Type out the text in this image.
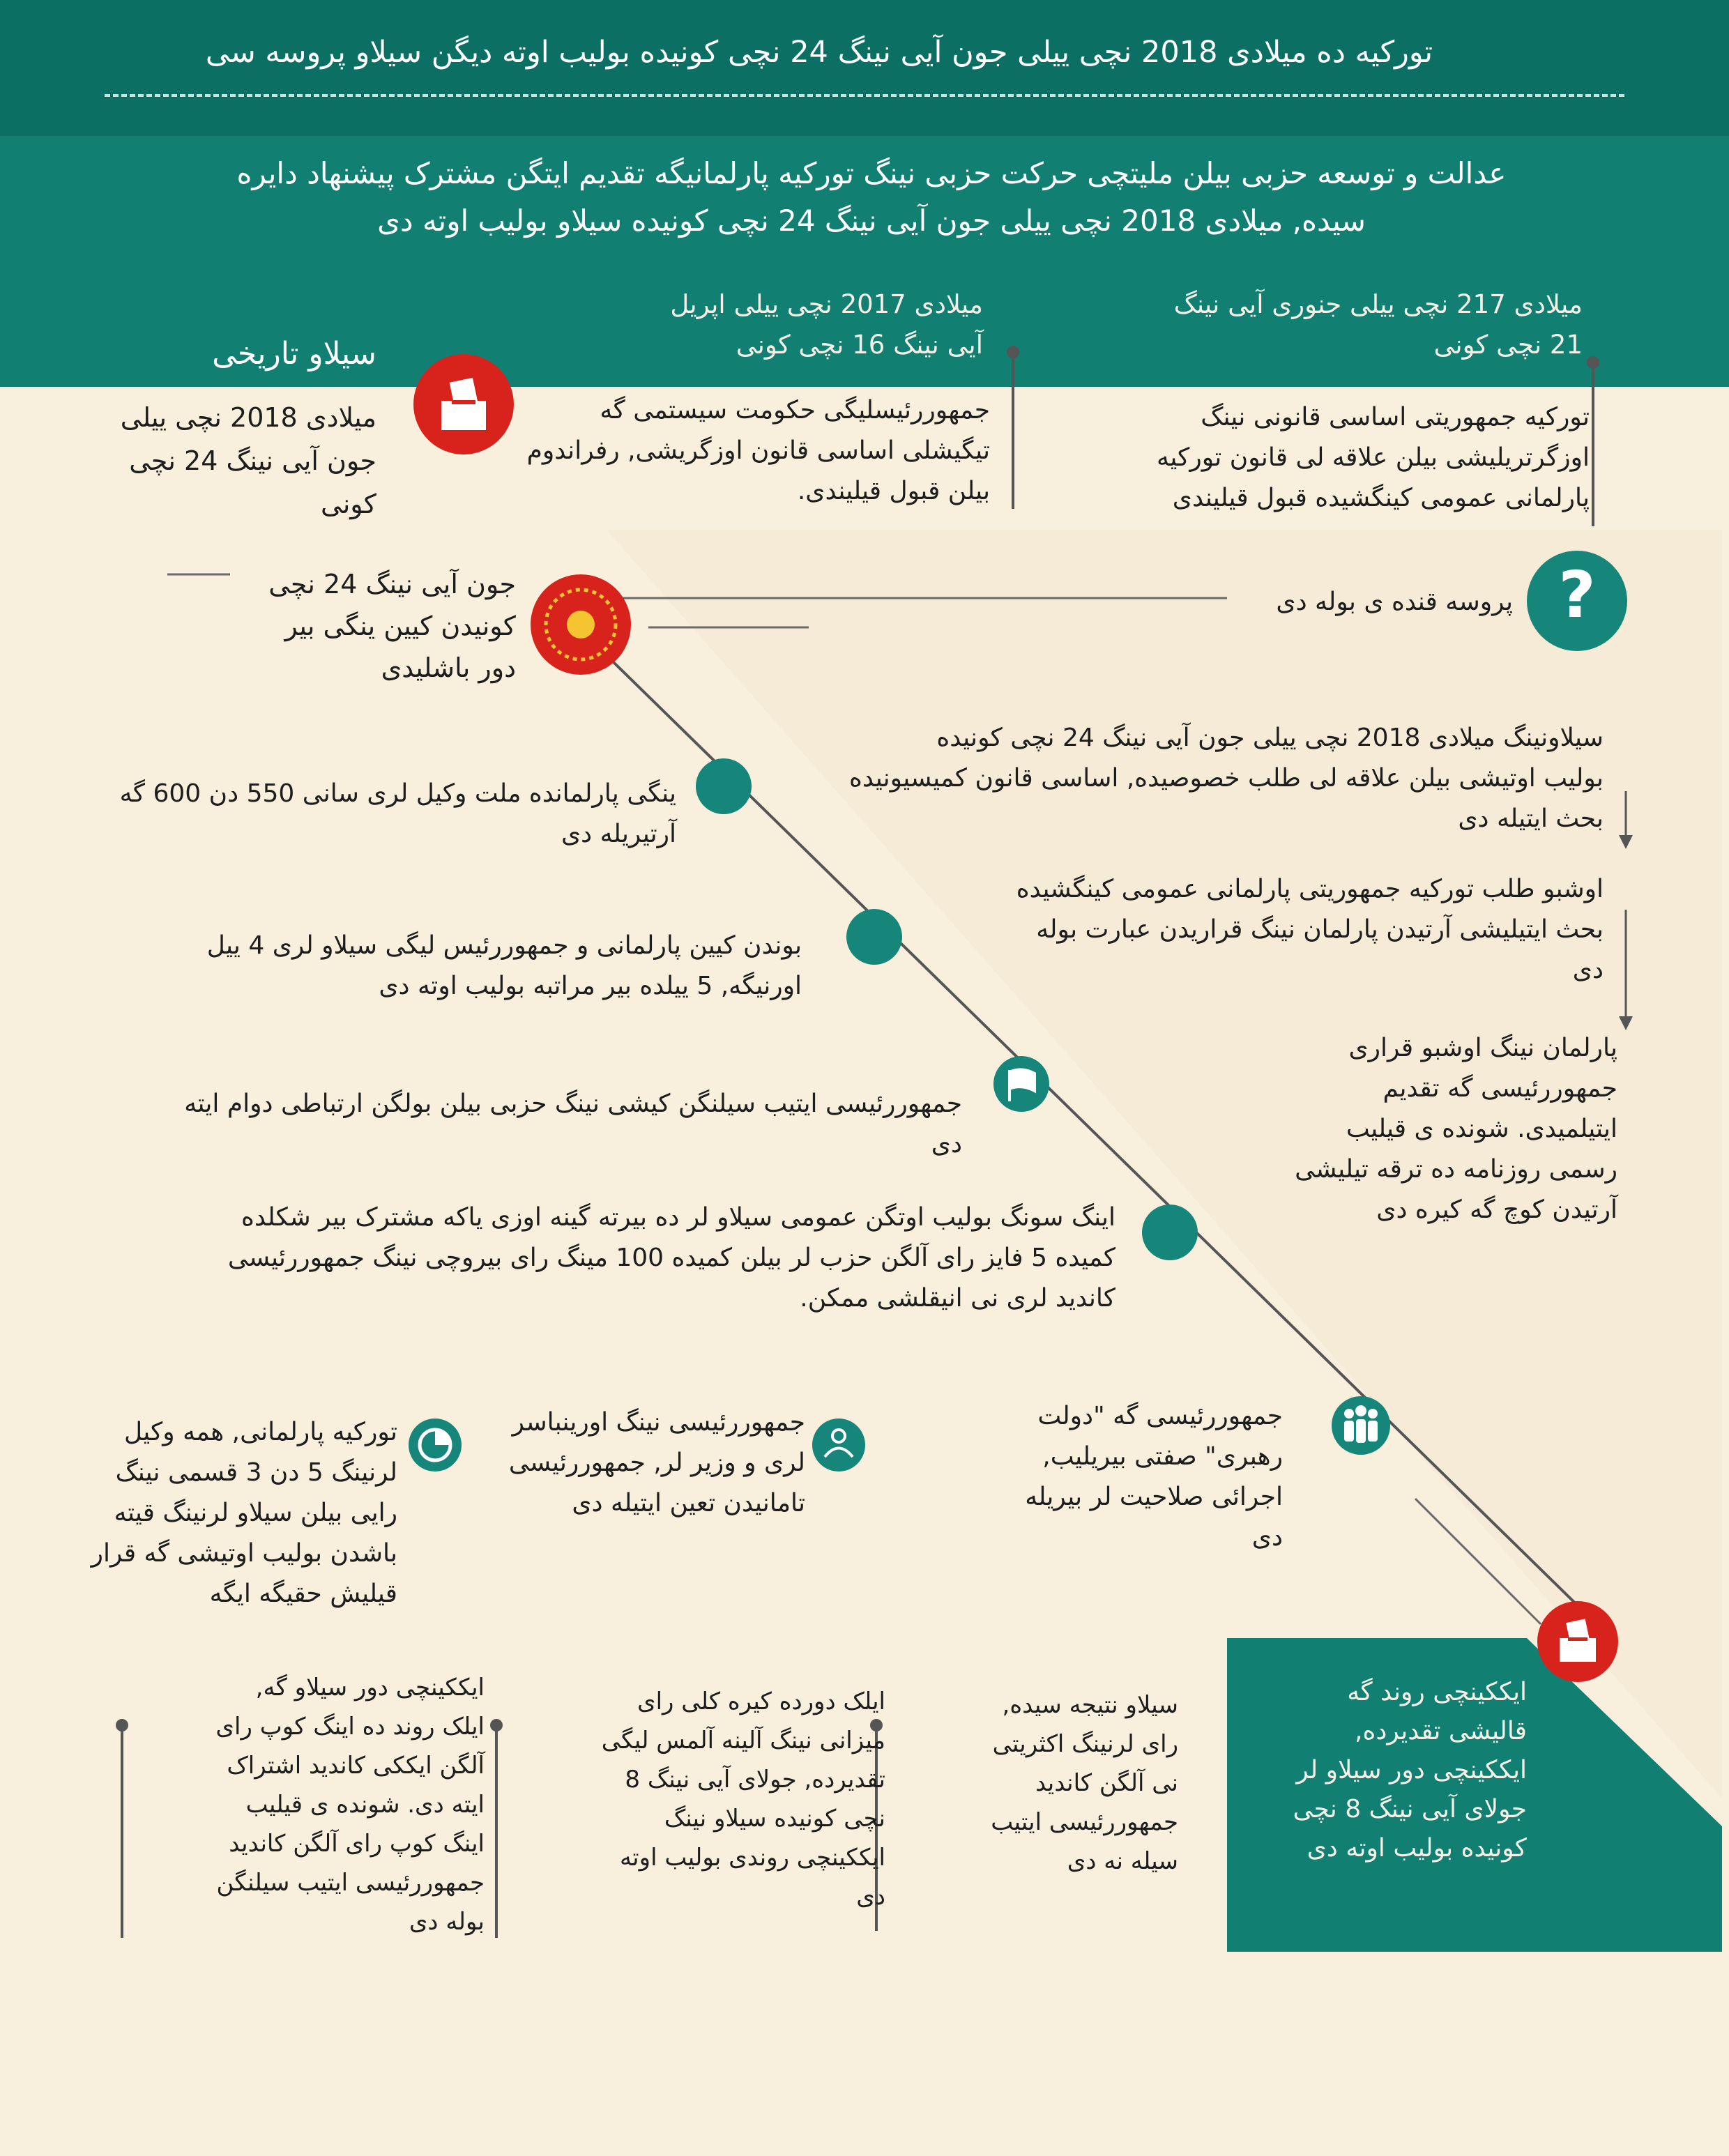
توركيه ده ميلادى 2018 نچى ييلى جون آيى نينگ 24 نچى كونيده بوليب اوته ديگن سيلاو پروسه سى
عدالت و توسعه حزبى بيلن مليتچى حركت حزبى نينگ توركيه پارلمانيگه تقديم ايتگن مشترک پيشنهاد دايره
سيده, ميلادى 2018 نچى ييلى جون آيى نينگ 24 نچى كونيده سيلاو بوليب اوته دى
?
ميلادى 217 نچى ييلى جنورى آيى نينگ
21 نچى كونى
ميلادى 2017 نچى ييلى اپريل
آيى نينگ 16 نچى كونى
سيلاو تاريخى
توركيه جمهوريتى اساسى قانونى نينگ
اوزگرتريليشى بيلن علاقه لى قانون توركيه
پارلمانى عمومى كينگشيده قبول قيليندى
جمهوررئيسليگى حكومت سيستمى گه
تيگيشلى اساسى قانون اوزگريشى, رفراندوم
بيلن قبول قيليندى.
ميلادى 2018 نچى ييلى
جون آيى نينگ 24 نچى
كونى
پروسه قنده ى بوله دى
جون آيى نينگ 24 نچى
كونيدن كيين ينگى بير
دور باشليدى
سيلاونينگ ميلادى 2018 نچى ييلى جون آيى نينگ 24 نچى كونيده
بوليب اوتيشى بيلن علاقه لى طلب خصوصيده, اساسى قانون كميسيونيده
بحث ايتيله دى
اوشبو طلب توركيه جمهوريتى پارلمانى عمومى كينگشيده
بحث ايتيليشى آرتيدن پارلمان نينگ قراريدن عبارت بوله
دى
پارلمان نينگ اوشبو قرارى
جمهوررئيسى گه تقديم
ايتيلميدى. شونده ى قيليب
رسمى روزنامه ده ترقه تيليشى
آرتيدن كوچ گه كيره دى
ينگى پارلمانده ملت وكيل لرى سانى 550 دن 600 گه
آرتيريله دى
بوندن كيين پارلمانى و جمهوررئيس ليگى سيلاو لرى 4 ييل
اورنيگه, 5 ييلده بير مراتبه بوليب اوته دى
جمهوررئيسى ايتيب سيلنگن كيشى نينگ حزبى بيلن بولگن ارتباطى دوام ايته
دى
اينگ سونگ بوليب اوتگن عمومى سيلاو لر ده بيرته گينه اوزى ياكه مشترک بير شكلده
كميده 5 فايز راى آلگن حزب لر بيلن كميده 100 مينگ راى بيروچى نينگ جمهوررئيسى
كانديد لرى نى انيقلشى ممكن.
توركيه پارلمانى, همه وكيل
لرنينگ 5 دن 3 قسمى نينگ
رايى بيلن سيلاو لرنينگ قيته
باشدن بوليب اوتيشى گه قرار
قيليش حقيگه ايگه
جمهوررئيسى نينگ اورينباسر
لرى و وزير لر, جمهوررئيسى
تامانيدن تعين ايتيله دى
جمهوررئيسى گه "دولت
رهبرى" صفتى بيريليب,
اجرائى صلاحيت لر بيريله
دى
ايككينچى روند گه
قالیشى تقديرده,
ايككينچى دور سيلاو لر
جولاى آيى نينگ 8 نچى
كونيده بوليب اوته دى
سيلاو نتيجه سيده,
راى لرنينگ اكثريتى
نى آلگن كانديد
جمهوررئيسى ايتيب
سيله نه دى
ايلک دورده كيره كلى راى
ميزانى نينگ آلينه آلمس ليگى
تقديرده, جولاى آيى نينگ 8
نچى كونيده سيلاو نينگ
ايككينچى روندى بوليب اوته
دى
ايككينچى دور سيلاو گه,
ايلک روند ده اينگ كوپ راى
آلگن ايككى كانديد اشتراک
ايته دى. شونده ى قيليب
اينگ كوپ راى آلگن كانديد
جمهوررئيسى ايتيب سيلنگن
بوله دى
